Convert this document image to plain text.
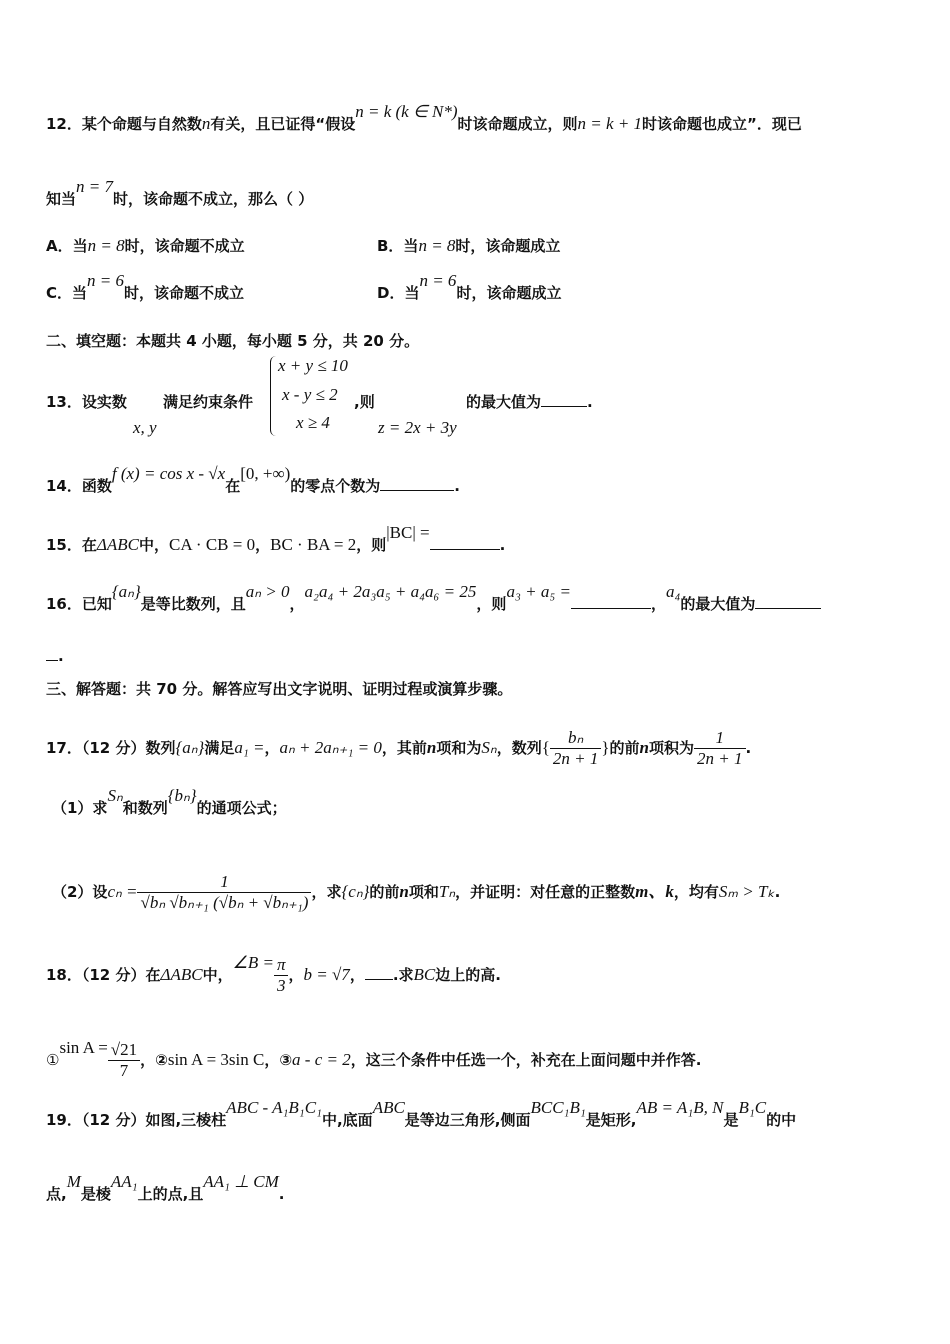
12．某个命题与自然数n有关，且已证得“假设n = k (k ∈ N*)时该命题成立，则n = k + 1时该命题也成立”．现已
知当n = 7时，该命题不成立，那么（ ）
A．当n = 8时，该命题不成立	B．当n = 8时，该命题成立
C．当n = 6时，该命题不成立	D．当n = 6时，该命题成立
二、填空题：本题共 4 小题，每小题 5 分，共 20 分。
13．设实数
x, y
满足约束条件
x + y ≤ 10
x - y ≤ 2
x ≥ 4
,则
z = 2x + 3y
的最大值为	.
14．函数f (x) = cos x - √x在[0, +∞)的零点个数为	.
15．在ΔABC中，CA · CB = 0，BC · BA = 2，则|BC| =.
16．已知{aₙ}是等比数列，且aₙ > 0，a₂a₄ + 2a₃a₅ + a₄a₆ = 25，则a₃ + a₅ =，a₄的最大值为
.
三、解答题：共 70 分。解答应写出文字说明、证明过程或演算步骤。
17．（12 分）数列{aₙ}满足a₁ =，aₙ + 2aₙ₊₁ = 0，其前n项和为Sₙ，数列{ $\frac{\text{bₙ}}{2n + 1}$ }的前n项积为 $\frac{1}{2n + 1}$ .
（1）求Sₙ和数列{bₙ}的通项公式；
（2）设$c_n = \frac{1}{\text{√bₙ √bₙ₊₁ (√bₙ + √bₙ₊₁)}}$ ，求{cₙ}的前n项和Tₙ，并证明：对任意的正整数m、k，均有Sₘ > Tₖ.
18．（12 分）在ΔABC中，∠B = $\frac{\pi}{3}$ ，b = √7， .求BC边上的高.
①sin $A = \frac{√21}{7}$ ，②sin A = 3sin C，③a - c = 2，这三个条件中任选一个，补充在上面问题中并作答.
19．（12 分）如图,三棱柱ABC - A₁B₁C₁中,底面ABC是等边三角形,侧面BCC₁B₁是矩形,AB = A₁B, N是B₁C的中
点,M是棱AA₁上的点,且AA₁ ⊥ CM.
